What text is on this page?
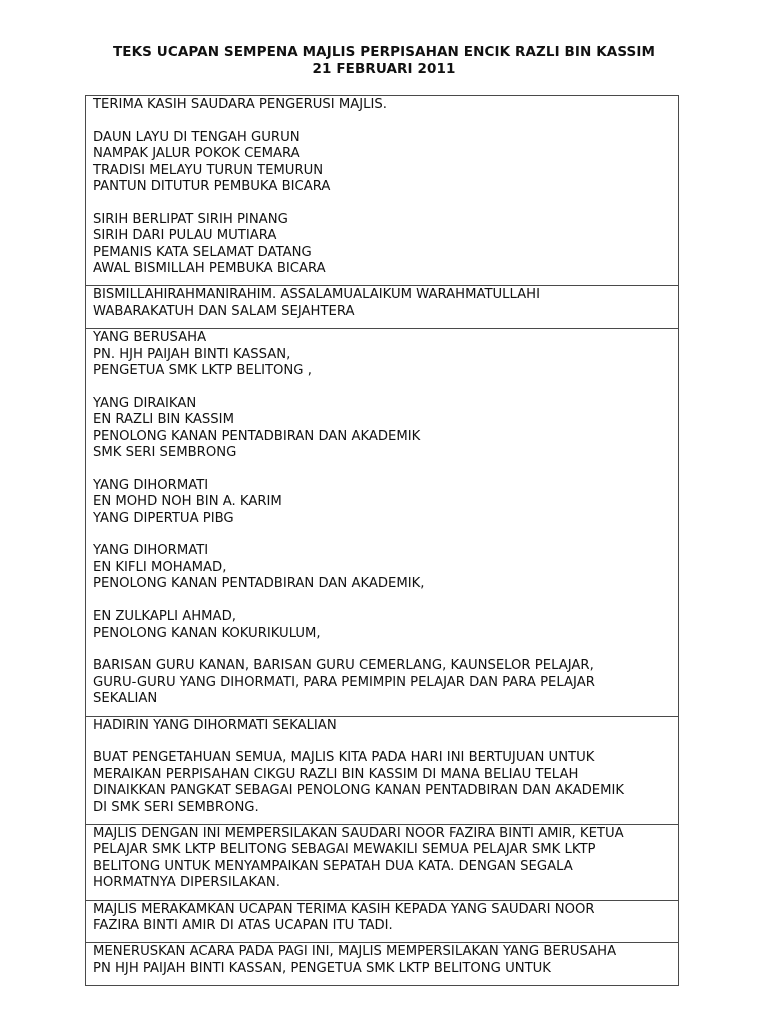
TEKS UCAPAN SEMPENA MAJLIS PERPISAHAN ENCIK RAZLI BIN KASSIM
21 FEBRUARI 2011
TERIMA KASIH SAUDARA PENGERUSI MAJLIS.
DAUN LAYU DI TENGAH GURUN
NAMPAK JALUR POKOK CEMARA
TRADISI MELAYU TURUN TEMURUN
PANTUN DITUTUR PEMBUKA BICARA
SIRIH BERLIPAT SIRIH PINANG
SIRIH DARI PULAU MUTIARA
PEMANIS KATA SELAMAT DATANG
AWAL BISMILLAH PEMBUKA BICARA
BISMILLAHIRAHMANIRAHIM. ASSALAMUALAIKUM WARAHMATULLAHI
WABARAKATUH DAN SALAM SEJAHTERA
YANG BERUSAHA
PN. HJH PAIJAH BINTI KASSAN,
PENGETUA SMK LKTP BELITONG ,
YANG DIRAIKAN
EN RAZLI BIN KASSIM
PENOLONG KANAN PENTADBIRAN DAN AKADEMIK
SMK SERI SEMBRONG
YANG DIHORMATI
EN MOHD NOH BIN A. KARIM
YANG DIPERTUA PIBG
YANG DIHORMATI
EN KIFLI MOHAMAD,
PENOLONG KANAN PENTADBIRAN DAN AKADEMIK,
EN ZULKAPLI AHMAD,
PENOLONG KANAN KOKURIKULUM,
BARISAN GURU KANAN, BARISAN GURU CEMERLANG, KAUNSELOR PELAJAR,
GURU-GURU YANG DIHORMATI, PARA PEMIMPIN PELAJAR DAN PARA PELAJAR
SEKALIAN
HADIRIN YANG DIHORMATI SEKALIAN
BUAT PENGETAHUAN SEMUA, MAJLIS KITA PADA HARI INI BERTUJUAN UNTUK
MERAIKAN PERPISAHAN CIKGU RAZLI BIN KASSIM DI MANA BELIAU TELAH
DINAIKKAN PANGKAT SEBAGAI PENOLONG KANAN PENTADBIRAN DAN AKADEMIK
DI SMK SERI SEMBRONG.
MAJLIS DENGAN INI MEMPERSILAKAN SAUDARI NOOR FAZIRA BINTI AMIR, KETUA
PELAJAR SMK LKTP BELITONG SEBAGAI MEWAKILI SEMUA PELAJAR SMK LKTP
BELITONG UNTUK MENYAMPAIKAN SEPATAH DUA KATA. DENGAN SEGALA
HORMATNYA DIPERSILAKAN.
MAJLIS MERAKAMKAN UCAPAN TERIMA KASIH KEPADA YANG SAUDARI NOOR
FAZIRA BINTI AMIR DI ATAS UCAPAN ITU TADI.
MENERUSKAN ACARA PADA PAGI INI, MAJLIS MEMPERSILAKAN YANG BERUSAHA
PN HJH PAIJAH BINTI KASSAN, PENGETUA SMK LKTP BELITONG UNTUK
